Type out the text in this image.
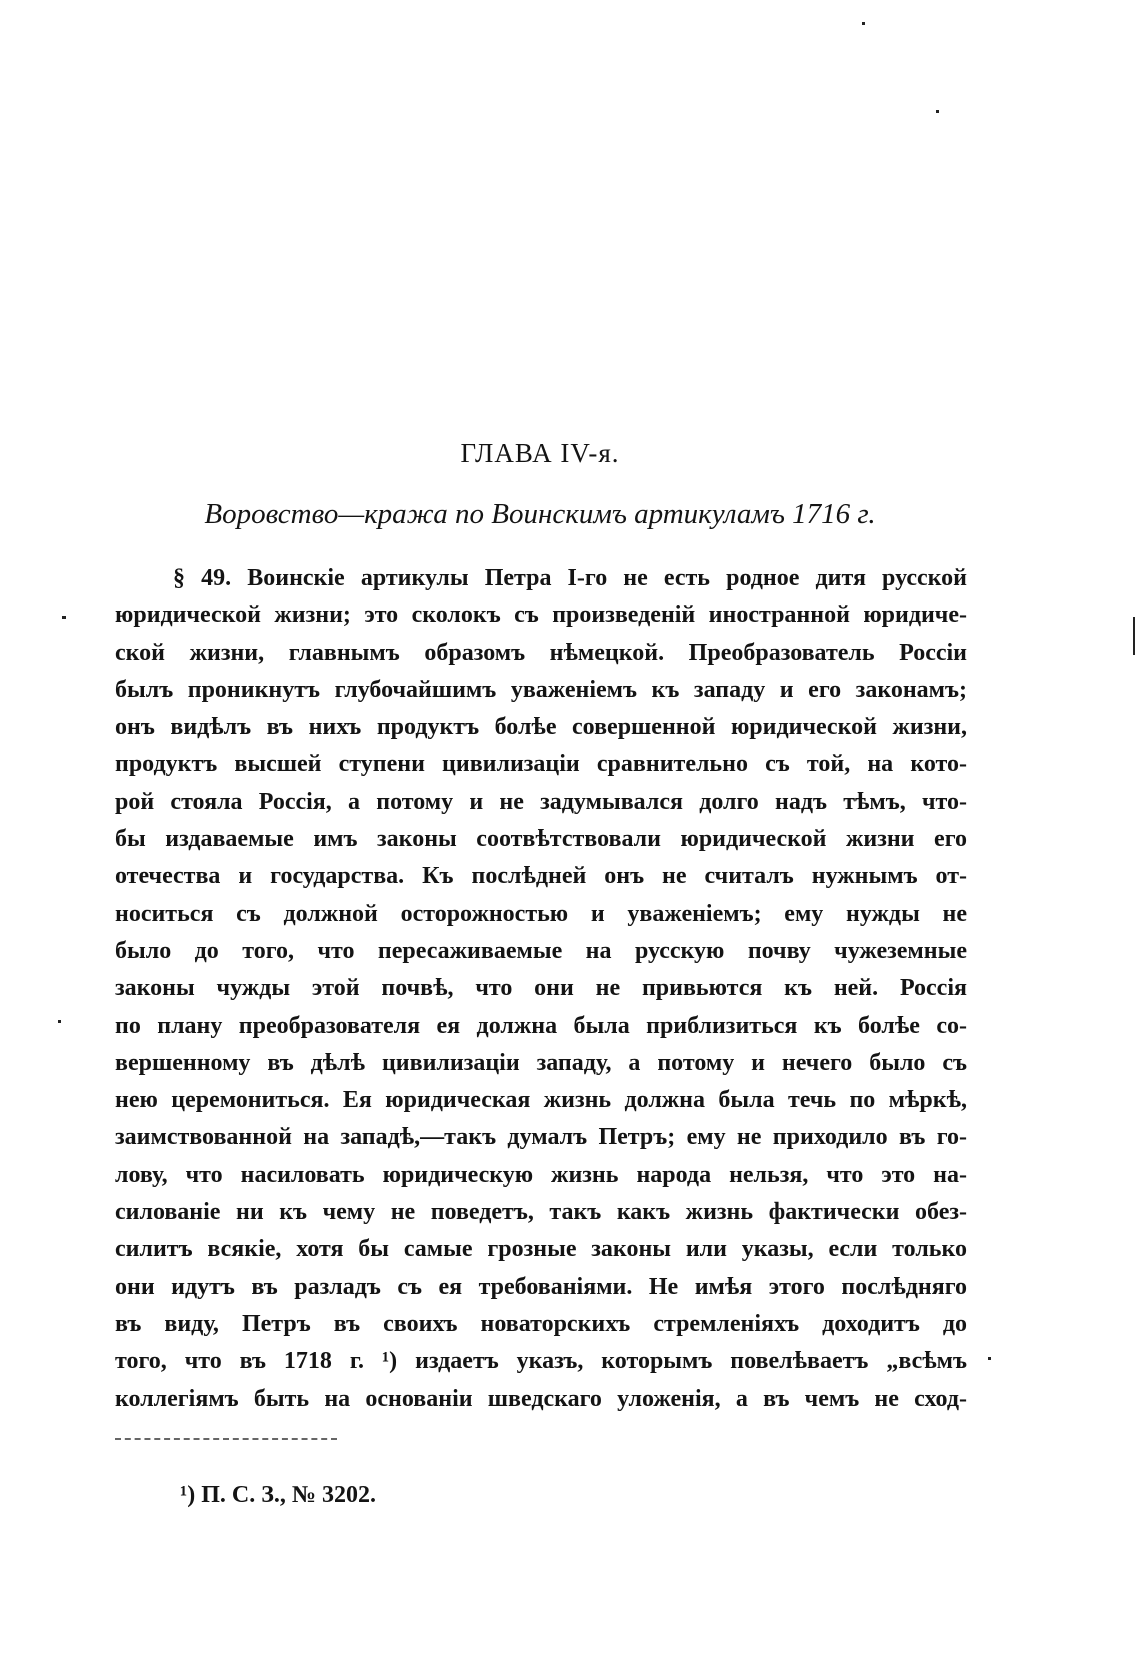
ГЛАВА IV-я.
Воровство—кража по Воинскимъ артикуламъ 1716 г.
§ 49. Воинскіе артикулы Петра I-го не есть родное дитя русской
юридической жизни; это сколокъ съ произведеній иностранной юридиче-
ской жизни, главнымъ образомъ нѣмецкой. Преобразователь Россіи
былъ проникнутъ глубочайшимъ уваженіемъ къ западу и его законамъ;
онъ видѣлъ въ нихъ продуктъ болѣе совершенной юридической жизни,
продуктъ высшей ступени цивилизаціи сравнительно съ той, на кото-
рой стояла Россія, а потому и не задумывался долго надъ тѣмъ, что-
бы издаваемые имъ законы соотвѣтствовали юридической жизни его
отечества и государства. Къ послѣдней онъ не считалъ нужнымъ от-
носиться съ должной осторожностью и уваженіемъ; ему нужды не
было до того, что пересаживаемые на русскую почву чужеземные
законы чужды этой почвѣ, что они не привьются къ ней. Россія
по плану преобразователя ея должна была приблизиться къ болѣе со-
вершенному въ дѣлѣ цивилизаціи западу, а потому и нечего было съ
нею церемониться. Ея юридическая жизнь должна была течь по мѣркѣ,
заимствованной на западѣ,—такъ думалъ Петръ; ему не приходило въ го-
лову, что насиловать юридическую жизнь народа нельзя, что это на-
силованіе ни къ чему не поведетъ, такъ какъ жизнь фактически обез-
силитъ всякіе, хотя бы самые грозные законы или указы, если только
они идутъ въ разладъ съ ея требованіями. Не имѣя этого послѣдняго
въ виду, Петръ въ своихъ новаторскихъ стремленіяхъ доходитъ до
того, что въ 1718 г. ¹) издаетъ указъ, которымъ повелѣваетъ „всѣмъ
коллегіямъ быть на основаніи шведскаго уложенія, а въ чемъ не сход-
¹) П. С. З., № 3202.
